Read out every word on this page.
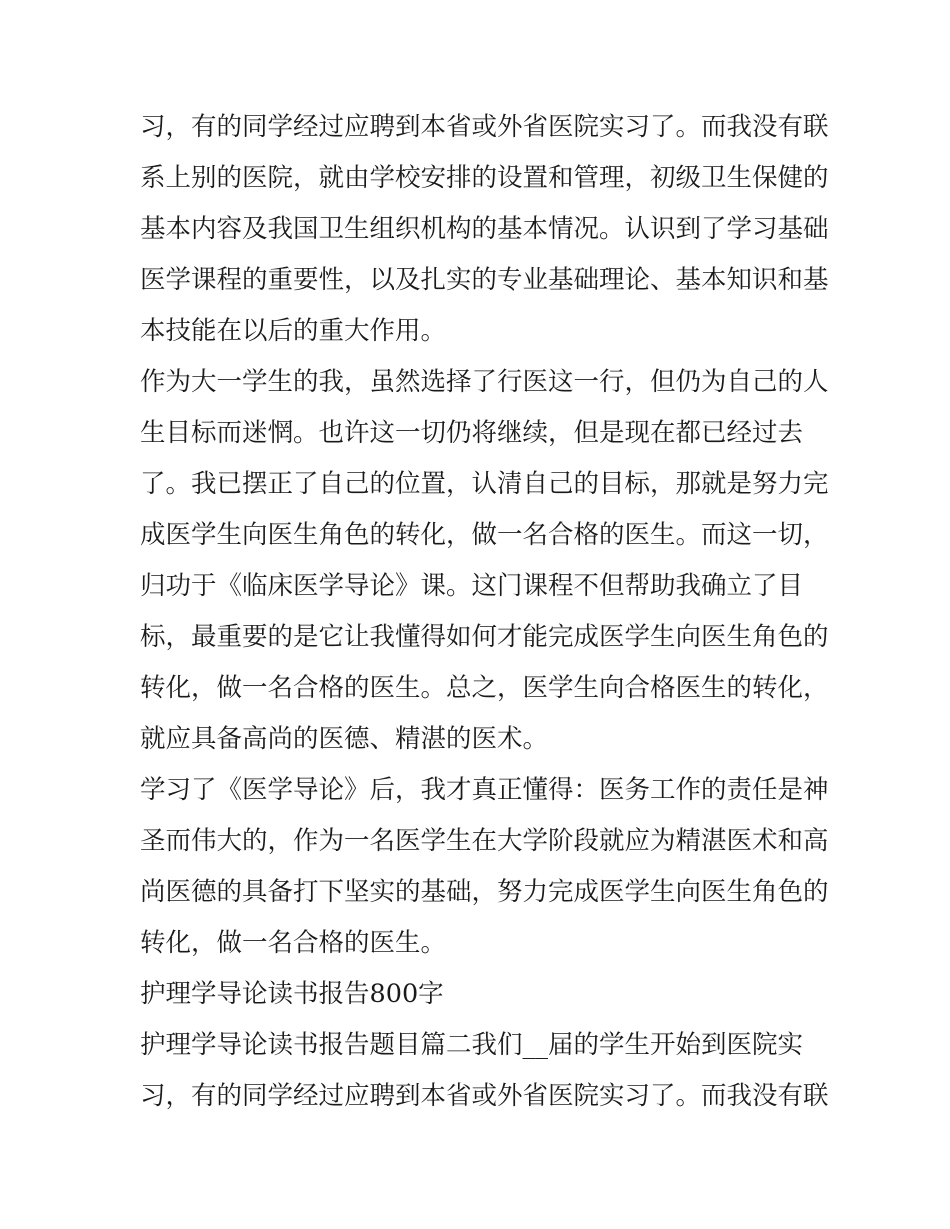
习，有的同学经过应聘到本省或外省医院实习了。而我没有联
系上别的医院，就由学校安排的设置和管理，初级卫生保健的
基本内容及我国卫生组织机构的基本情况。认识到了学习基础
医学课程的重要性，以及扎实的专业基础理论、基本知识和基
本技能在以后的重大作用。
作为大一学生的我，虽然选择了行医这一行，但仍为自己的人
生目标而迷惘。也许这一切仍将继续，但是现在都已经过去
了。我已摆正了自己的位置，认清自己的目标，那就是努力完
成医学生向医生角色的转化，做一名合格的医生。而这一切，
归功于《临床医学导论》课。这门课程不但帮助我确立了目
标，最重要的是它让我懂得如何才能完成医学生向医生角色的
转化，做一名合格的医生。总之，医学生向合格医生的转化，
就应具备高尚的医德、精湛的医术。
学习了《医学导论》后，我才真正懂得：医务工作的责任是神
圣而伟大的，作为一名医学生在大学阶段就应为精湛医术和高
尚医德的具备打下坚实的基础，努力完成医学生向医生角色的
转化，做一名合格的医生。
护理学导论读书报告800字
护理学导论读书报告题目篇二我们__届的学生开始到医院实
习，有的同学经过应聘到本省或外省医院实习了。而我没有联
